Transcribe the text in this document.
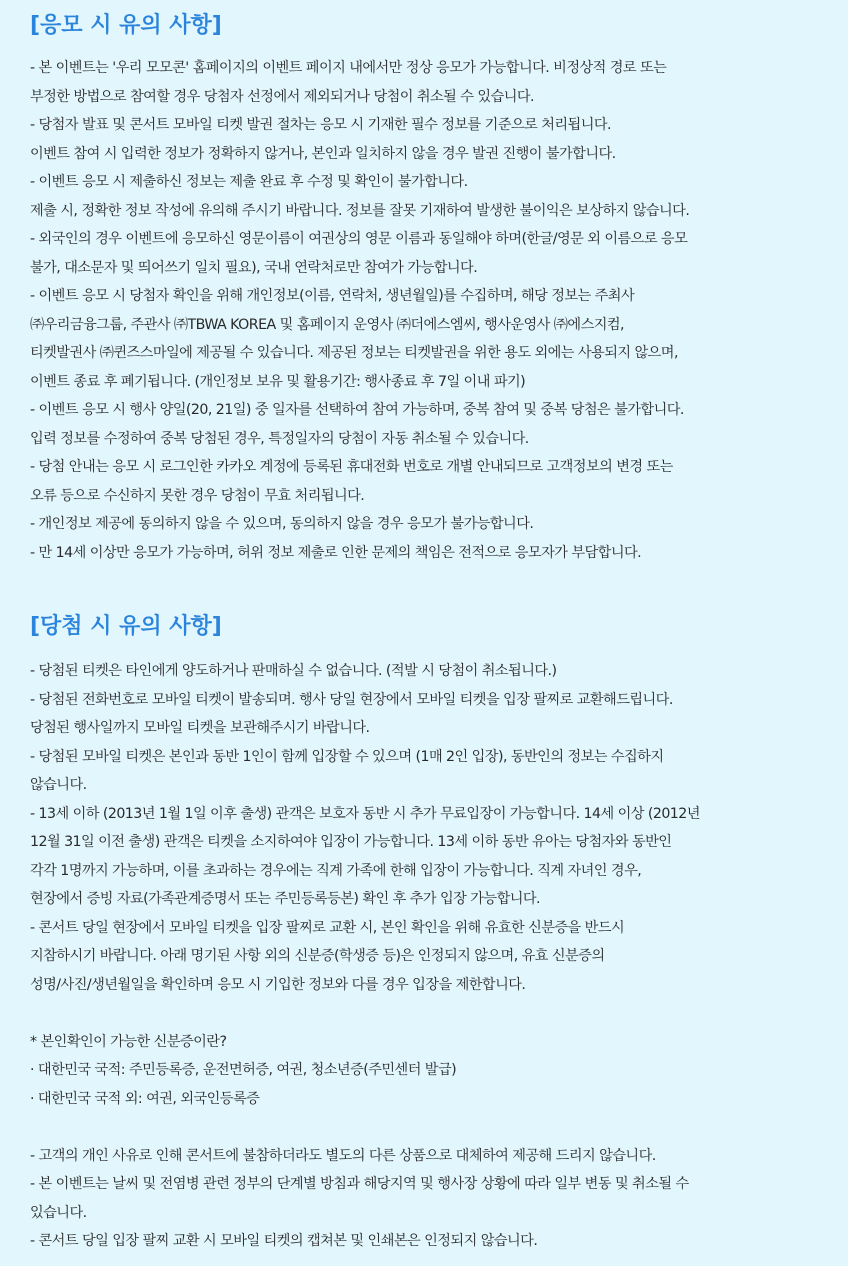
[응모 시 유의 사항]
- 본 이벤트는 '우리 모모콘' 홈페이지의 이벤트 페이지 내에서만 정상 응모가 가능합니다. 비정상적 경로 또는
부정한 방법으로 참여할 경우 당첨자 선정에서 제외되거나 당첨이 취소될 수 있습니다.
- 당첨자 발표 및 콘서트 모바일 티켓 발권 절차는 응모 시 기재한 필수 정보를 기준으로 처리됩니다.
이벤트 참여 시 입력한 정보가 정확하지 않거나, 본인과 일치하지 않을 경우 발권 진행이 불가합니다.
- 이벤트 응모 시 제출하신 정보는 제출 완료 후 수정 및 확인이 불가합니다.
제출 시, 정확한 정보 작성에 유의해 주시기 바랍니다. 정보를 잘못 기재하여 발생한 불이익은 보상하지 않습니다.
- 외국인의 경우 이벤트에 응모하신 영문이름이 여권상의 영문 이름과 동일해야 하며(한글/영문 외 이름으로 응모
불가, 대소문자 및 띄어쓰기 일치 필요), 국내 연락처로만 참여가 가능합니다.
- 이벤트 응모 시 당첨자 확인을 위해 개인정보(이름, 연락처, 생년월일)를 수집하며, 해당 정보는 주최사
㈜우리금융그룹, 주관사 ㈜TBWA KOREA 및 홈페이지 운영사 ㈜더에스엠씨, 행사운영사 ㈜에스지컴,
티켓발권사 ㈜퀸즈스마일에 제공될 수 있습니다. 제공된 정보는 티켓발권을 위한 용도 외에는 사용되지 않으며,
이벤트 종료 후 폐기됩니다. (개인정보 보유 및 활용기간: 행사종료 후 7일 이내 파기)
- 이벤트 응모 시 행사 양일(20, 21일) 중 일자를 선택하여 참여 가능하며, 중복 참여 및 중복 당첨은 불가합니다.
입력 정보를 수정하여 중복 당첨된 경우, 특정일자의 당첨이 자동 취소될 수 있습니다.
- 당첨 안내는 응모 시 로그인한 카카오 계정에 등록된 휴대전화 번호로 개별 안내되므로 고객정보의 변경 또는
오류 등으로 수신하지 못한 경우 당첨이 무효 처리됩니다.
- 개인정보 제공에 동의하지 않을 수 있으며, 동의하지 않을 경우 응모가 불가능합니다.
- 만 14세 이상만 응모가 가능하며, 허위 정보 제출로 인한 문제의 책임은 전적으로 응모자가 부담합니다.
[당첨 시 유의 사항]
- 당첨된 티켓은 타인에게 양도하거나 판매하실 수 없습니다. (적발 시 당첨이 취소됩니다.)
- 당첨된 전화번호로 모바일 티켓이 발송되며. 행사 당일 현장에서 모바일 티켓을 입장 팔찌로 교환해드립니다.
당첨된 행사일까지 모바일 티켓을 보관해주시기 바랍니다.
- 당첨된 모바일 티켓은 본인과 동반 1인이 함께 입장할 수 있으며 (1매 2인 입장), 동반인의 정보는 수집하지
않습니다.
- 13세 이하 (2013년 1월 1일 이후 출생) 관객은 보호자 동반 시 추가 무료입장이 가능합니다. 14세 이상 (2012년
12월 31일 이전 출생) 관객은 티켓을 소지하여야 입장이 가능합니다. 13세 이하 동반 유아는 당첨자와 동반인
각각 1명까지 가능하며, 이를 초과하는 경우에는 직계 가족에 한해 입장이 가능합니다. 직계 자녀인 경우,
현장에서 증빙 자료(가족관계증명서 또는 주민등록등본) 확인 후 추가 입장 가능합니다.
- 콘서트 당일 현장에서 모바일 티켓을 입장 팔찌로 교환 시, 본인 확인을 위해 유효한 신분증을 반드시
지참하시기 바랍니다. 아래 명기된 사항 외의 신분증(학생증 등)은 인정되지 않으며, 유효 신분증의
성명/사진/생년월일을 확인하며 응모 시 기입한 정보와 다를 경우 입장을 제한합니다.
* 본인확인이 가능한 신분증이란?
· 대한민국 국적: 주민등록증, 운전면허증, 여권, 청소년증(주민센터 발급)
· 대한민국 국적 외: 여권, 외국인등록증
- 고객의 개인 사유로 인해 콘서트에 불참하더라도 별도의 다른 상품으로 대체하여 제공해 드리지 않습니다.
- 본 이벤트는 날씨 및 전염병 관련 정부의 단계별 방침과 해당지역 및 행사장 상황에 따라 일부 변동 및 취소될 수
있습니다.
- 콘서트 당일 입장 팔찌 교환 시 모바일 티켓의 캡쳐본 및 인쇄본은 인정되지 않습니다.
